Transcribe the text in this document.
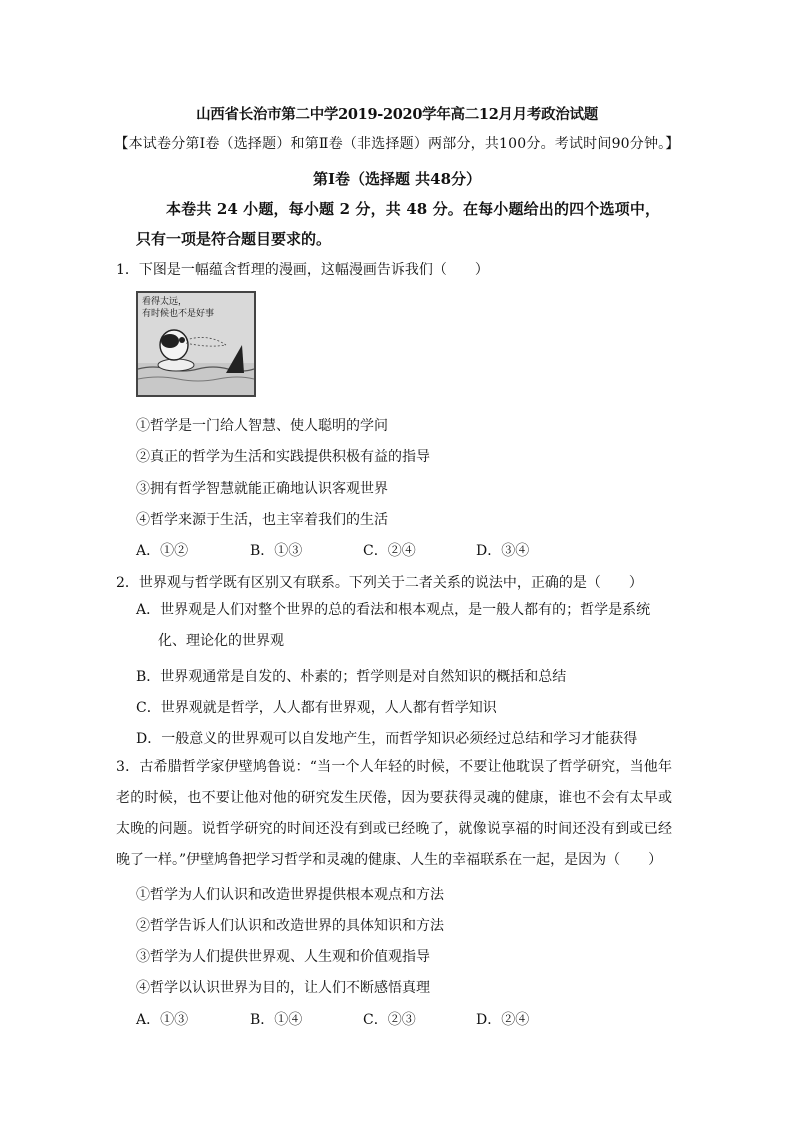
山西省长治市第二中学2019-2020学年高二12月月考政治试题
【本试卷分第Ⅰ卷（选择题）和第Ⅱ卷（非选择题）两部分，共100分。考试时间90分钟。】
第Ⅰ卷（选择题 共48分）
本卷共 24 小题，每小题 2 分，共 48 分。在每小题给出的四个选项中，只有一项是符合题目要求的。
1．下图是一幅蕴含哲理的漫画，这幅漫画告诉我们（　　）
看得太远，
有时候也不是好事
①哲学是一门给人智慧、使人聪明的学问
②真正的哲学为生活和实践提供积极有益的指导
③拥有哲学智慧就能正确地认识客观世界
④哲学来源于生活，也主宰着我们的生活
A．①②	B．①③	C．②④	D．③④
2．世界观与哲学既有区别又有联系。下列关于二者关系的说法中，正确的是（　　）
A．世界观是人们对整个世界的总的看法和根本观点，是一般人都有的；哲学是系统化、理论化的世界观
B．世界观通常是自发的、朴素的；哲学则是对自然知识的概括和总结
C．世界观就是哲学，人人都有世界观，人人都有哲学知识
D．一般意义的世界观可以自发地产生，而哲学知识必须经过总结和学习才能获得
3．古希腊哲学家伊壁鸠鲁说：“当一个人年轻的时候，不要让他耽误了哲学研究，当他年老的时候，也不要让他对他的研究发生厌倦，因为要获得灵魂的健康，谁也不会有太早或太晚的问题。说哲学研究的时间还没有到或已经晚了，就像说享福的时间还没有到或已经晚了一样。”伊壁鸠鲁把学习哲学和灵魂的健康、人生的幸福联系在一起，是因为（　　）
①哲学为人们认识和改造世界提供根本观点和方法
②哲学告诉人们认识和改造世界的具体知识和方法
③哲学为人们提供世界观、人生观和价值观指导
④哲学以认识世界为目的，让人们不断感悟真理
A．①③	B．①④	C．②③	D．②④
